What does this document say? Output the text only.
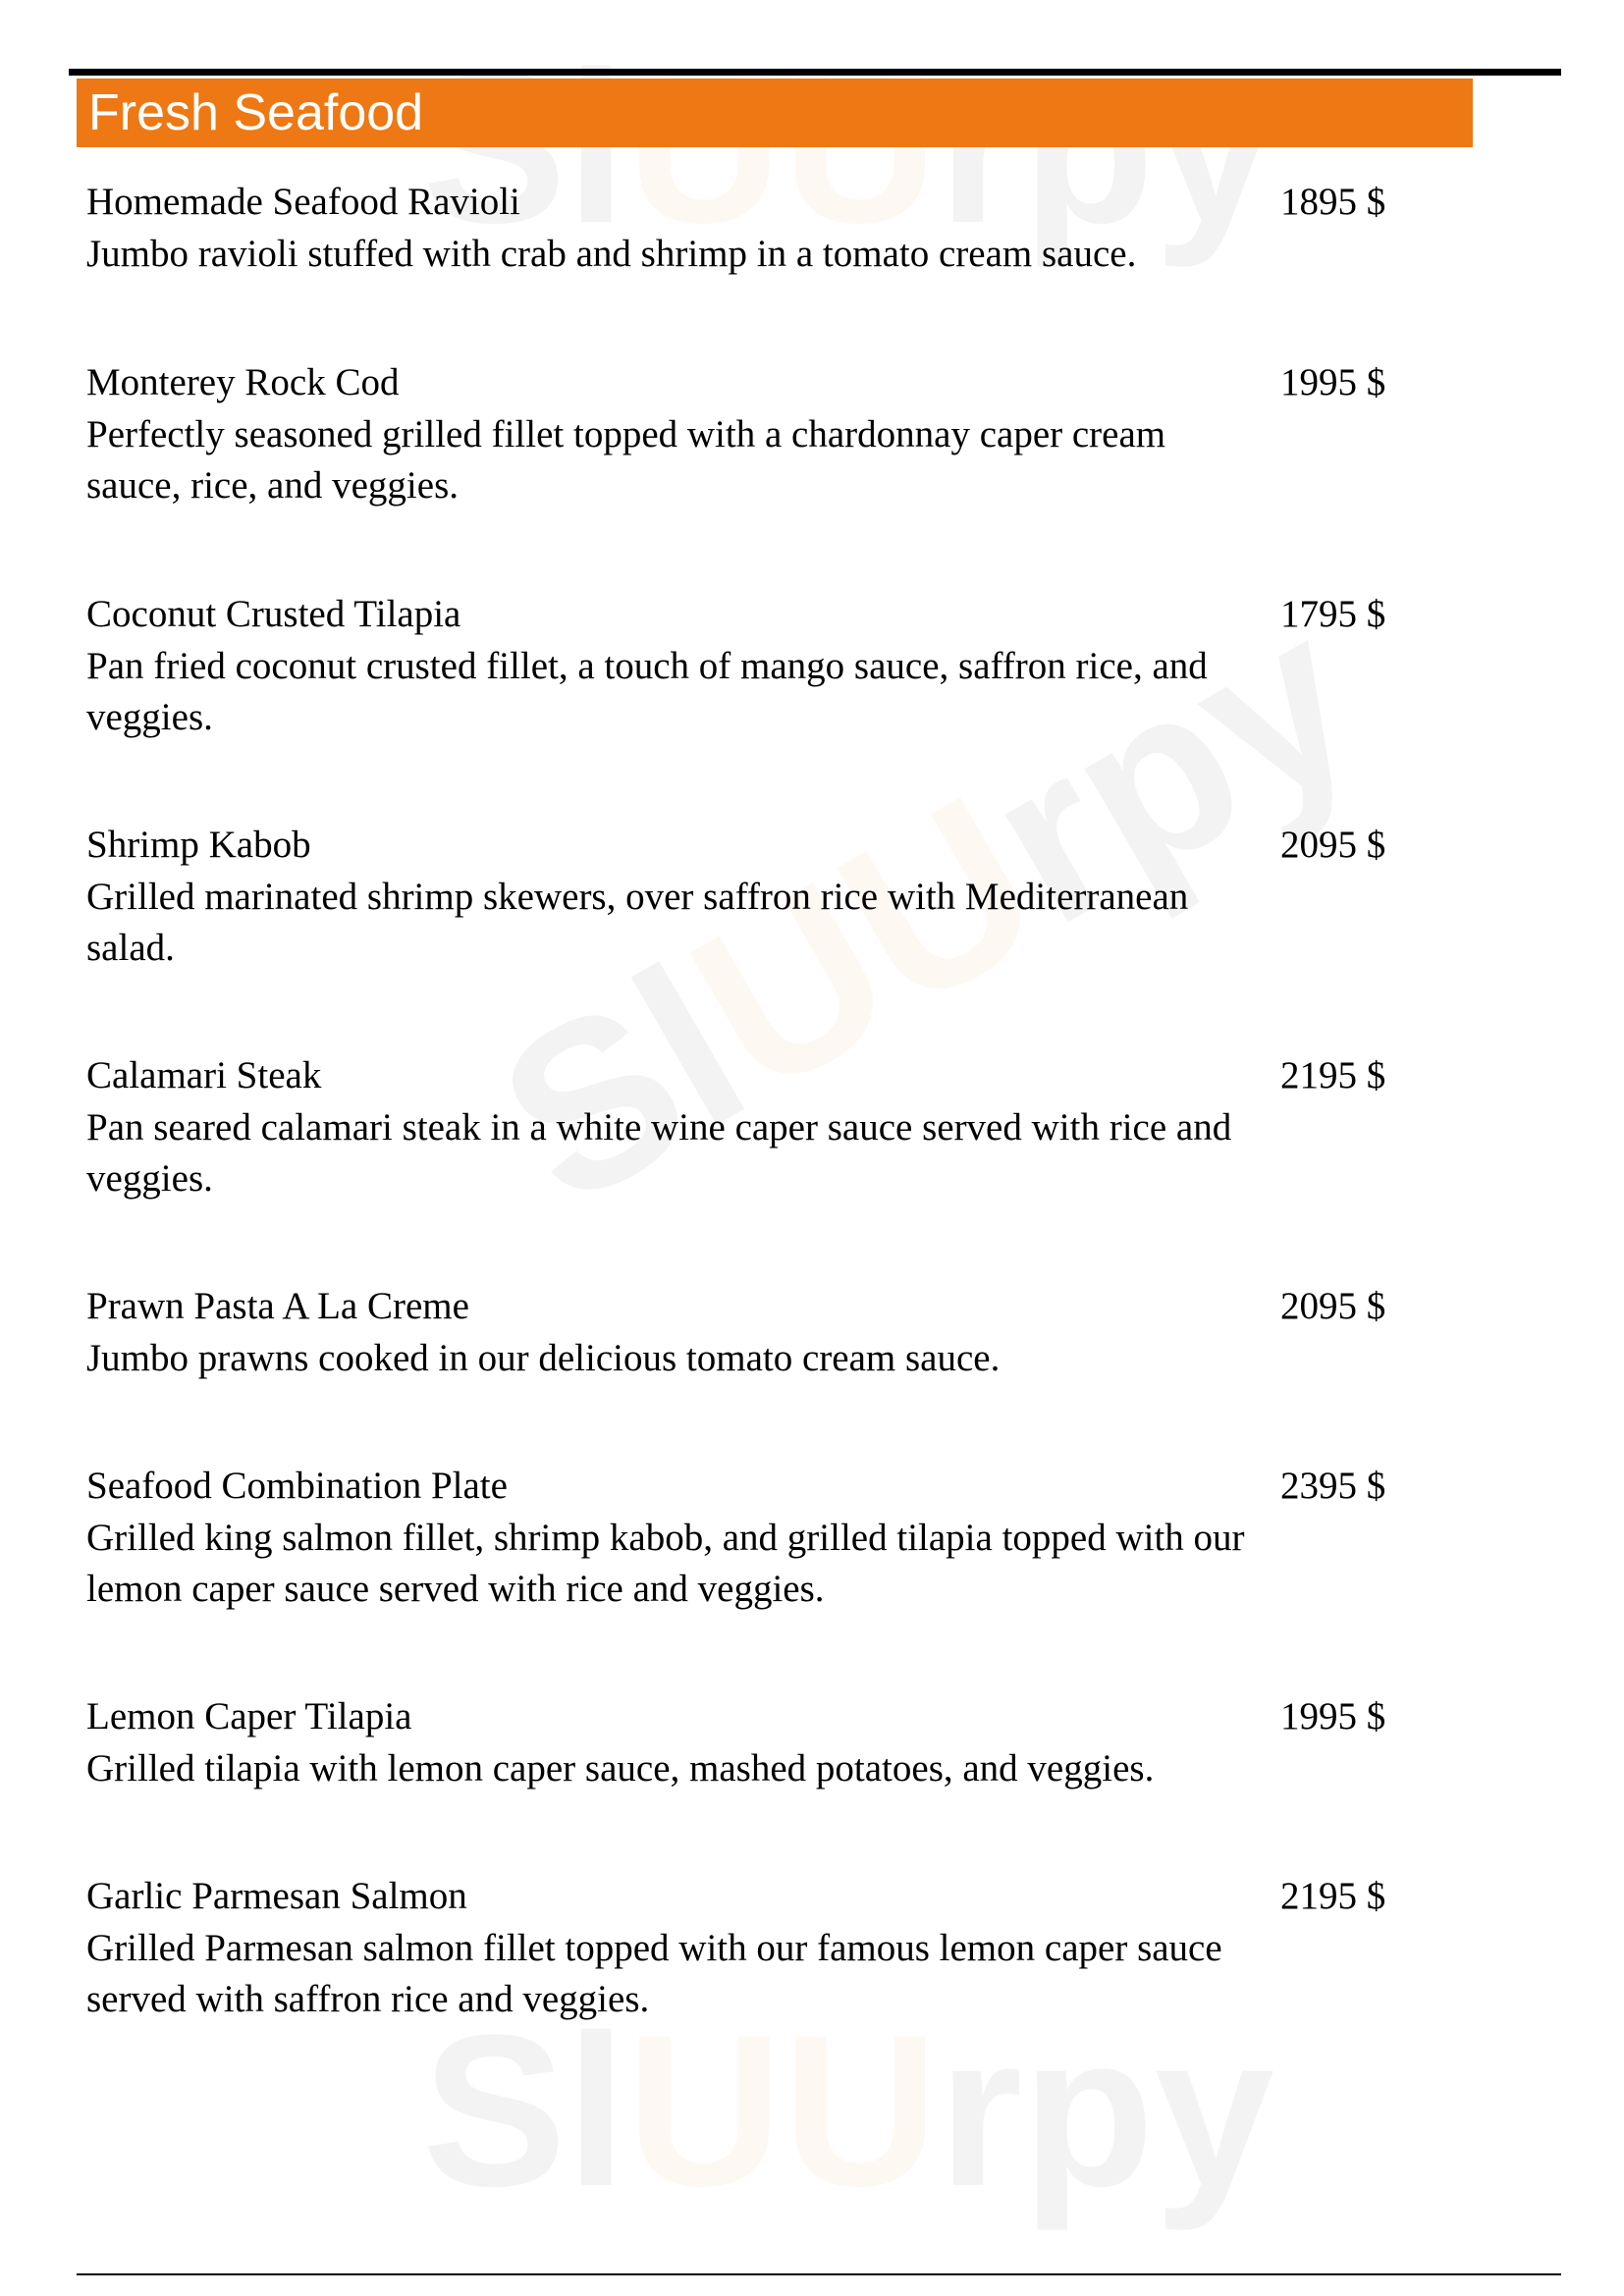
Fresh Seafood
Homemade Seafood Ravioli
Jumbo ravioli stuffed with crab and shrimp in a tomato cream sauce.
1895 $
Monterey Rock Cod
Perfectly seasoned grilled fillet topped with a chardonnay caper cream sauce, rice, and veggies.
1995 $
Coconut Crusted Tilapia
Pan fried coconut crusted fillet, a touch of mango sauce, saffron rice, and veggies.
1795 $
Shrimp Kabob
Grilled marinated shrimp skewers, over saffron rice with Mediterranean salad.
2095 $
Calamari Steak
Pan seared calamari steak in a white wine caper sauce served with rice and veggies.
2195 $
Prawn Pasta A La Creme
Jumbo prawns cooked in our delicious tomato cream sauce.
2095 $
Seafood Combination Plate
Grilled king salmon fillet, shrimp kabob, and grilled tilapia topped with our lemon caper sauce served with rice and veggies.
2395 $
Lemon Caper Tilapia
Grilled tilapia with lemon caper sauce, mashed potatoes, and veggies.
1995 $
Garlic Parmesan Salmon
Grilled Parmesan salmon fillet topped with our famous lemon caper sauce served with saffron rice and veggies.
2195 $
